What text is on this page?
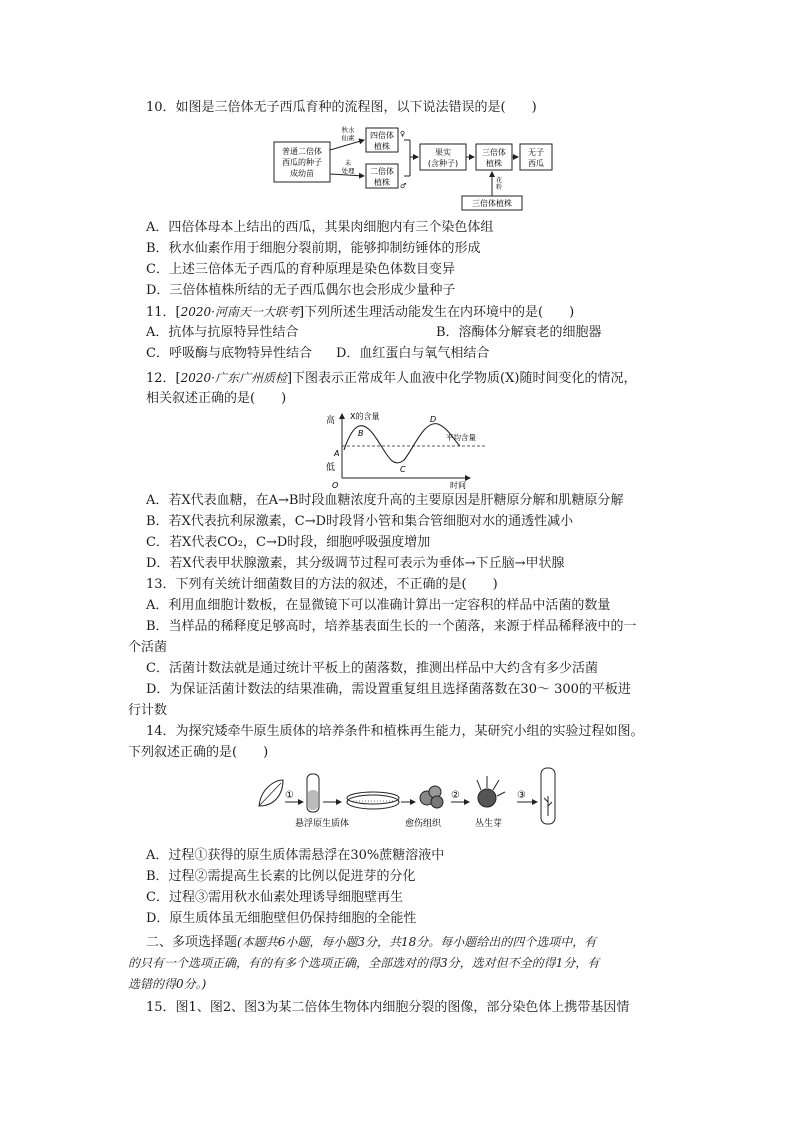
10．如图是三倍体无子西瓜育种的流程图，以下说法错误的是(　　)
普通二倍体
西瓜的种子
成幼苗
秋水
仙素
未
处理
四倍体
植株
二倍体
植株
♀
♂
果实
(含种子)
三倍体
植株
无子
西瓜
花
粉
三倍体植株
A．四倍体母本上结出的西瓜，其果肉细胞内有三个染色体组
B．秋水仙素作用于细胞分裂前期，能够抑制纺锤体的形成
C．上述三倍体无子西瓜的育种原理是染色体数目变异
D．三倍体植株所结的无子西瓜偶尔也会形成少量种子
11．[2020·河南天一大联考]下列所述生理活动能发生在内环境中的是(　　)
A．抗体与抗原特异性结合	B．溶酶体分解衰老的细胞器
C．呼吸酶与底物特异性结合 D．血红蛋白与氧气相结合
12．[2020·广东广州质检]下图表示正常成年人血液中化学物质(X)随时间变化的情况，
相关叙述正确的是(　　)
高
低
X的含量
O	时间
平均含量
A
B
C
D
A．若X代表血糖，在A→B时段血糖浓度升高的主要原因是肝糖原分解和肌糖原分解
B．若X代表抗利尿激素，C→D时段肾小管和集合管细胞对水的通透性减小
C．若X代表CO₂，C→D时段，细胞呼吸强度增加
D．若X代表甲状腺激素，其分级调节过程可表示为垂体→下丘脑→甲状腺
13．下列有关统计细菌数目的方法的叙述，不正确的是(　　)
A．利用血细胞计数板，在显微镜下可以准确计算出一定容积的样品中活菌的数量
B．当样品的稀释度足够高时，培养基表面生长的一个菌落，来源于样品稀释液中的一
个活菌
C．活菌计数法就是通过统计平板上的菌落数，推测出样品中大约含有多少活菌
D．为保证活菌计数法的结果准确，需设置重复组且选择菌落数在30～ 300的平板进
行计数
14．为探究矮牵牛原生质体的培养条件和植株再生能力，某研究小组的实验过程如图。
下列叙述正确的是(　　)
①
悬浮原生质体	愈伤组织
②
丛生芽
③
A．过程①获得的原生质体需悬浮在30%蔗糖溶液中
B．过程②需提高生长素的比例以促进芽的分化
C．过程③需用秋水仙素处理诱导细胞壁再生
D．原生质体虽无细胞壁但仍保持细胞的全能性
二、多项选择题(本题共6小题，每小题3分，共18分。每小题给出的四个选项中，有
的只有一个选项正确，有的有多个选项正确，全部选对的得3分，选对但不全的得1分，有
选错的得0分。)
15．图1、图2、图3为某二倍体生物体内细胞分裂的图像，部分染色体上携带基因情
